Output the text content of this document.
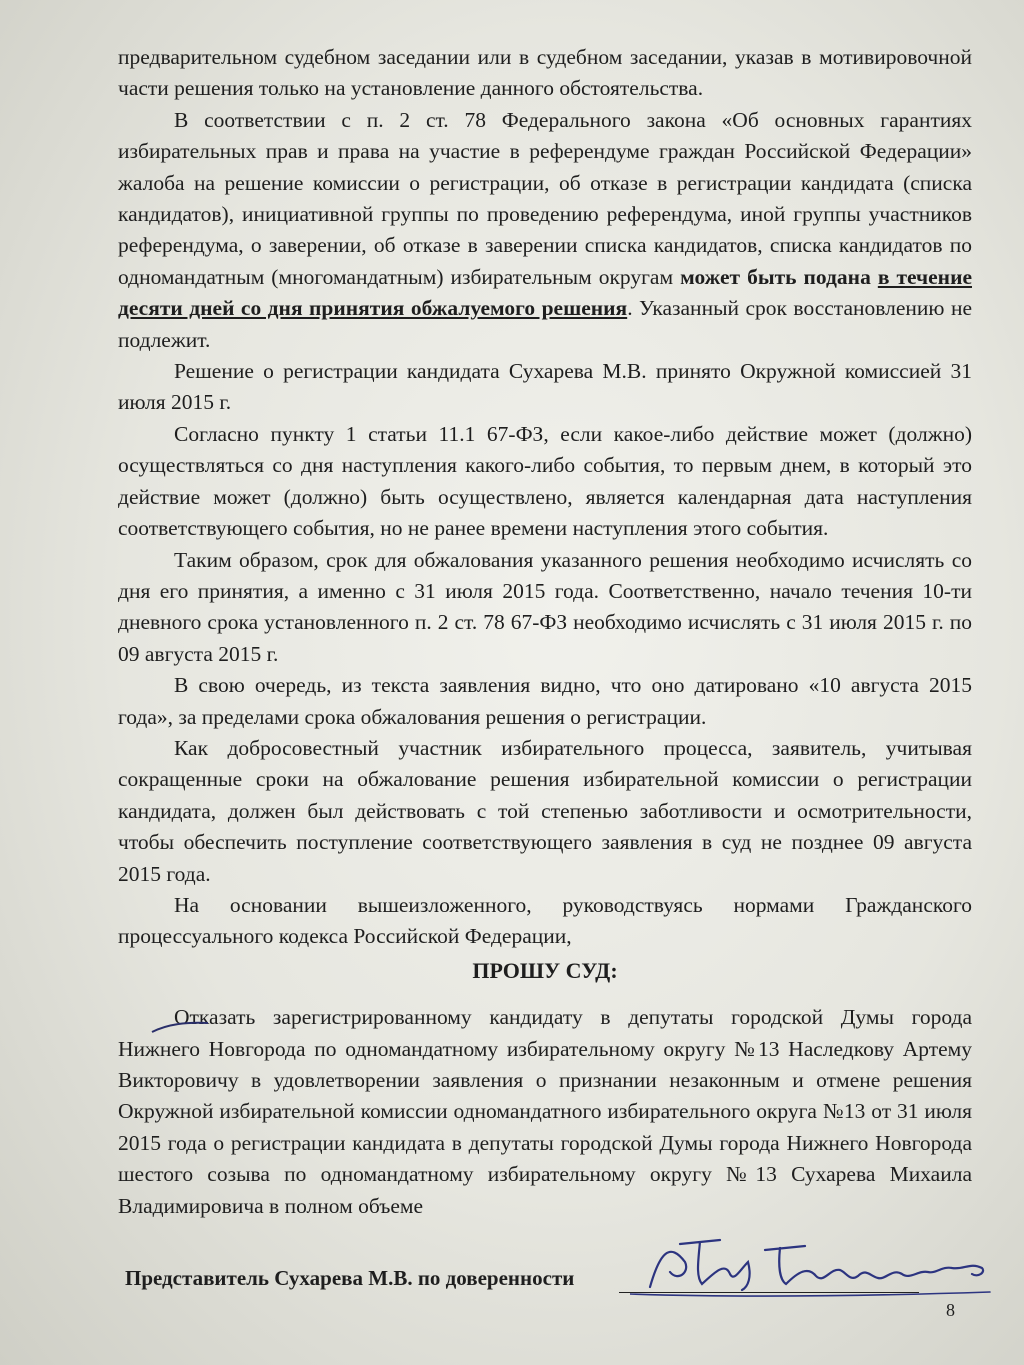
предварительном судебном заседании или в судебном заседании, указав в мотивировочной части решения только на установление данного обстоятельства.

В соответствии с п. 2 ст. 78 Федерального закона «Об основных гарантиях избирательных прав и права на участие в референдуме граждан Российской Федерации» жалоба на решение комиссии о регистрации, об отказе в регистрации кандидата (списка кандидатов), инициативной группы по проведению референдума, иной группы участников референдума, о заверении, об отказе в заверении списка кандидатов, списка кандидатов по одномандатным (многомандатным) избирательным округам может быть подана в течение десяти дней со дня принятия обжалуемого решения. Указанный срок восстановлению не подлежит.

Решение о регистрации кандидата Сухарева М.В. принято Окружной комиссией 31 июля 2015 г.

Согласно пункту 1 статьи 11.1 67-ФЗ, если какое-либо действие может (должно) осуществляться со дня наступления какого-либо события, то первым днем, в который это действие может (должно) быть осуществлено, является календарная дата наступления соответствующего события, но не ранее времени наступления этого события.

Таким образом, срок для обжалования указанного решения необходимо исчислять со дня его принятия, а именно с 31 июля 2015 года. Соответственно, начало течения 10-ти дневного срока установленного п. 2 ст. 78 67-ФЗ необходимо исчислять с 31 июля 2015 г. по 09 августа 2015 г.

В свою очередь, из текста заявления видно, что оно датировано «10 августа 2015 года», за пределами срока обжалования решения о регистрации.

Как добросовестный участник избирательного процесса, заявитель, учитывая сокращенные сроки на обжалование решения избирательной комиссии о регистрации кандидата, должен был действовать с той степенью заботливости и осмотрительности, чтобы обеспечить поступление соответствующего заявления в суд не позднее 09 августа 2015 года.

На основании вышеизложенного, руководствуясь нормами Гражданского процессуального кодекса Российской Федерации,

ПРОШУ СУД:

Отказать зарегистрированному кандидату в депутаты городской Думы города Нижнего Новгорода по одномандатному избирательному округу №13 Наследкову Артему Викторовичу в удовлетворении заявления о признании незаконным и отмене решения Окружной избирательной комиссии одномандатного избирательного округа №13 от 31 июля 2015 года о регистрации кандидата в депутаты городской Думы города Нижнего Новгорода шестого созыва по одномандатному избирательному округу №13 Сухарева Михаила Владимировича в полном объеме

Представитель Сухарева М.В. по доверенности
8
